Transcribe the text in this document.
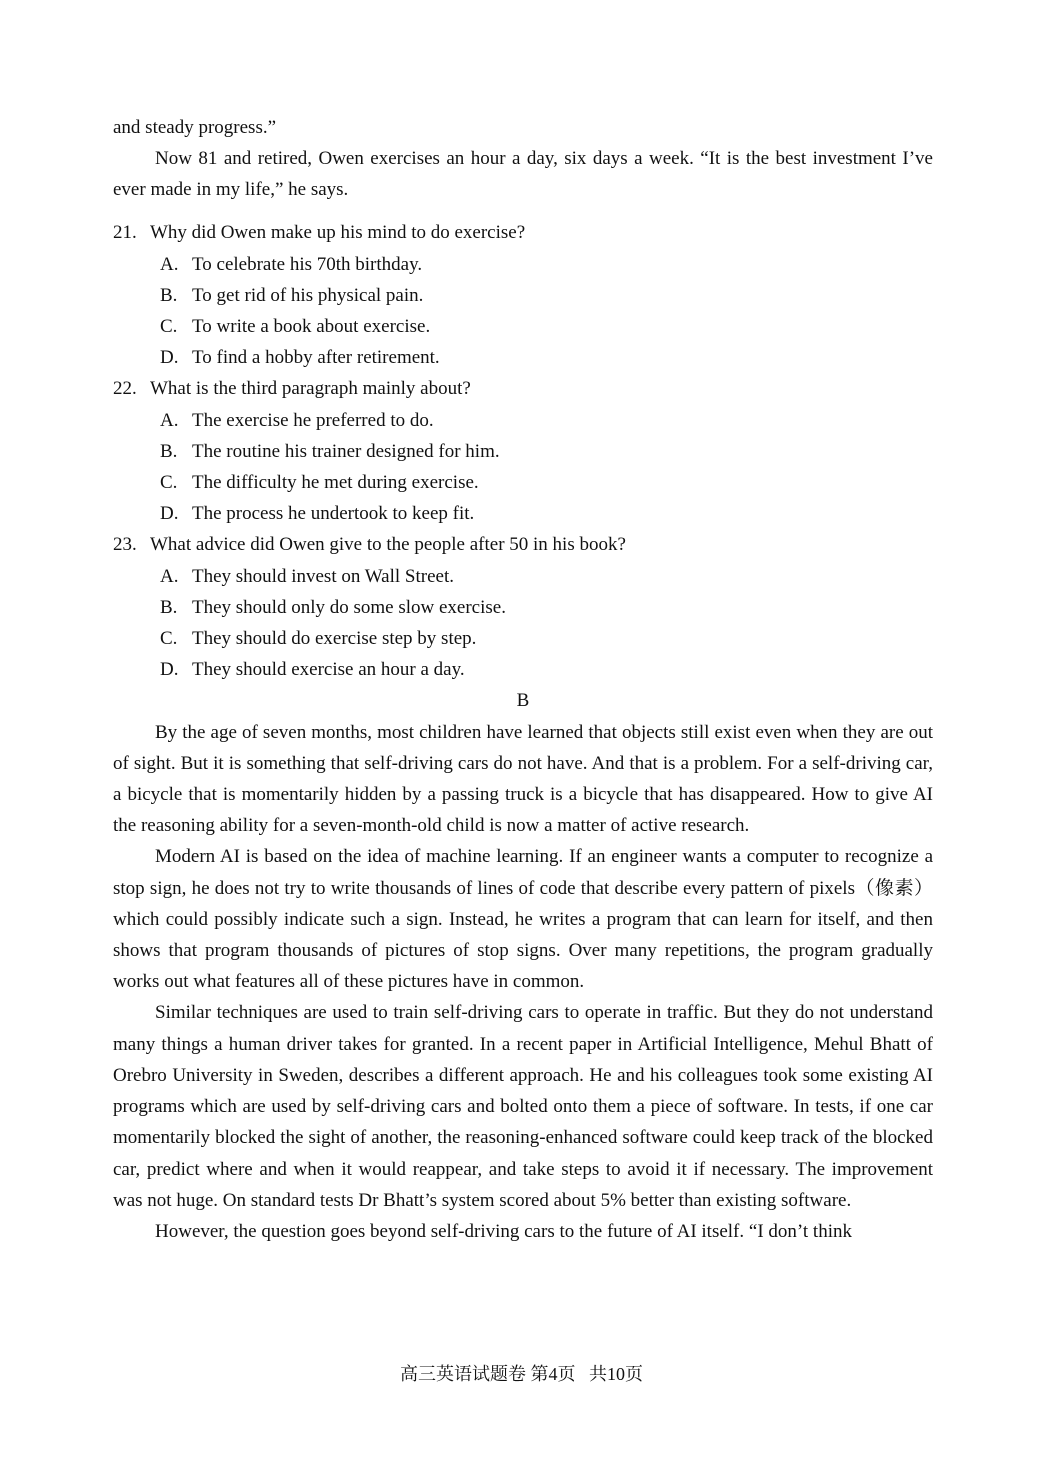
and steady progress.”

Now 81 and retired, Owen exercises an hour a day, six days a week. “It is the best investment I’ve ever made in my life,” he says.

21. Why did Owen make up his mind to do exercise?

A. To celebrate his 70th birthday.

B. To get rid of his physical pain.

C. To write a book about exercise.

D. To find a hobby after retirement.

22. What is the third paragraph mainly about?

A. The exercise he preferred to do.

B. The routine his trainer designed for him.

C. The difficulty he met during exercise.

D. The process he undertook to keep fit.

23. What advice did Owen give to the people after 50 in his book?

A. They should invest on Wall Street.

B. They should only do some slow exercise.

C. They should do exercise step by step.

D. They should exercise an hour a day.

B

By the age of seven months, most children have learned that objects still exist even when they are out of sight. But it is something that self-driving cars do not have. And that is a problem. For a self-driving car, a bicycle that is momentarily hidden by a passing truck is a bicycle that has disappeared. How to give AI the reasoning ability for a seven-month-old child is now a matter of active research.

Modern AI is based on the idea of machine learning. If an engineer wants a computer to recognize a stop sign, he does not try to write thousands of lines of code that describe every pattern of pixels（像素）which could possibly indicate such a sign. Instead, he writes a program that can learn for itself, and then shows that program thousands of pictures of stop signs. Over many repetitions, the program gradually works out what features all of these pictures have in common.

Similar techniques are used to train self-driving cars to operate in traffic. But they do not understand many things a human driver takes for granted. In a recent paper in Artificial Intelligence, Mehul Bhatt of Orebro University in Sweden, describes a different approach. He and his colleagues took some existing AI programs which are used by self-driving cars and bolted onto them a piece of software. In tests, if one car momentarily blocked the sight of another, the reasoning-enhanced software could keep track of the blocked car, predict where and when it would reappear, and take steps to avoid it if necessary. The improvement was not huge. On standard tests Dr Bhatt’s system scored about 5% better than existing software.

However, the question goes beyond self-driving cars to the future of AI itself. “I don’t think

高三英语试题卷 第4页 共10页
